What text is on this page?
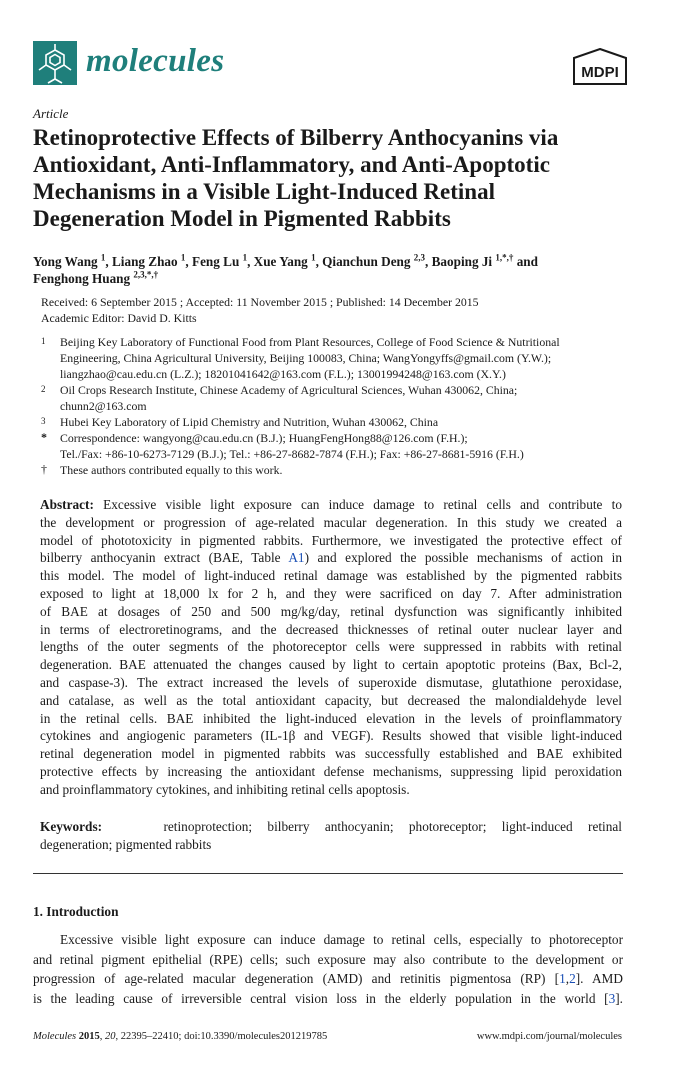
molecules	MDPI
Article
Retinoprotective Effects of Bilberry Anthocyanins via
Antioxidant, Anti-Inflammatory, and Anti-Apoptotic
Mechanisms in a Visible Light-Induced Retinal
Degeneration Model in Pigmented Rabbits
Yong Wang $^1$, Liang Zhao $^1$, Feng Lu $^1$, Xue Yang $^1$, Qianchun Deng $^{2,3}$, Baoping Ji $^{1,*,\dagger}$ and
Fenghong Huang $^{2,3,*,\dagger}$
Received: 6 September 2015 ; Accepted: 11 November 2015 ; Published: 14 December 2015
Academic Editor: David D. Kitts
1	Beijing Key Laboratory of Functional Food from Plant Resources, College of Food Science & Nutritional
Engineering, China Agricultural University, Beijing 100083, China; WangYongyffs@gmail.com (Y.W.);
liangzhao@cau.edu.cn (L.Z.); 18201041642@163.com (F.L.); 13001994248@163.com (X.Y.)
2	Oil Crops Research Institute, Chinese Academy of Agricultural Sciences, Wuhan 430062, China;
chunn2@163.com
3	Hubei Key Laboratory of Lipid Chemistry and Nutrition, Wuhan 430062, China
*	Correspondence: wangyong@cau.edu.cn (B.J.); HuangFengHong88@126.com (F.H.);
Tel./Fax: +86-10-6273-7129 (B.J.); Tel.: +86-27-8682-7874 (F.H.); Fax: +86-27-8681-5916 (F.H.)
†	These authors contributed equally to this work.
Abstract: Excessive visible light exposure can induce damage to retinal cells and contribute to
the development or progression of age-related macular degeneration. In this study we created a
model of phototoxicity in pigmented rabbits. Furthermore, we investigated the protective effect of
bilberry anthocyanin extract (BAE, Table A1) and explored the possible mechanisms of action in
this model. The model of light-induced retinal damage was established by the pigmented rabbits
exposed to light at 18,000 lx for 2 h, and they were sacrificed on day 7. After administration
of BAE at dosages of 250 and 500 mg/kg/day, retinal dysfunction was significantly inhibited
in terms of electroretinograms, and the decreased thicknesses of retinal outer nuclear layer and
lengths of the outer segments of the photoreceptor cells were suppressed in rabbits with retinal
degeneration. BAE attenuated the changes caused by light to certain apoptotic proteins (Bax, Bcl-2,
and caspase-3). The extract increased the levels of superoxide dismutase, glutathione peroxidase,
and catalase, as well as the total antioxidant capacity, but decreased the malondialdehyde level
in the retinal cells. BAE inhibited the light-induced elevation in the levels of proinflammatory
cytokines and angiogenic parameters (IL-1β and VEGF). Results showed that visible light-induced
retinal degeneration model in pigmented rabbits was successfully established and BAE exhibited
protective effects by increasing the antioxidant defense mechanisms, suppressing lipid peroxidation
and proinflammatory cytokines, and inhibiting retinal cells apoptosis.
Keywords:	retinoprotection; bilberry anthocyanin; photoreceptor; light-induced retinal
degeneration; pigmented rabbits
1. Introduction
Excessive visible light exposure can induce damage to retinal cells, especially to photoreceptor
and retinal pigment epithelial (RPE) cells; such exposure may also contribute to the development or
progression of age-related macular degeneration (AMD) and retinitis pigmentosa (RP) [1,2]. AMD
is the leading cause of irreversible central vision loss in the elderly population in the world [3].
Molecules 2015, 20, 22395–22410; doi:10.3390/molecules201219785	www.mdpi.com/journal/molecules
